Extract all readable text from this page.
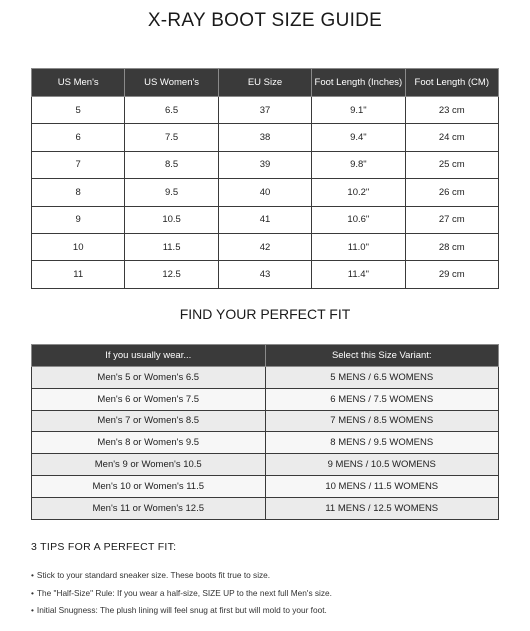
X-RAY BOOT SIZE GUIDE
US Men's	US Women's	EU Size	Foot Length (Inches)	Foot Length (CM)
5	6.5	37	9.1"	23 cm
6	7.5	38	9.4"	24 cm
7	8.5	39	9.8"	25 cm
8	9.5	40	10.2"	26 cm
9	10.5	41	10.6"	27 cm
10	11.5	42	11.0"	28 cm
11	12.5	43	11.4"	29 cm
FIND YOUR PERFECT FIT
If you usually wear...	Select this Size Variant:
Men's 5 or Women's 6.5	5 MENS / 6.5 WOMENS
Men's 6 or Women's 7.5	6 MENS / 7.5 WOMENS
Men's 7 or Women's 8.5	7 MENS / 8.5 WOMENS
Men's 8 or Women's 9.5	8 MENS / 9.5 WOMENS
Men's 9 or Women's 10.5	9 MENS / 10.5 WOMENS
Men's 10 or Women's 11.5	10 MENS / 11.5 WOMENS
Men's 11 or Women's 12.5	11 MENS / 12.5 WOMENS
3 TIPS FOR A PERFECT FIT:
• Stick to your standard sneaker size. These boots fit true to size.
• The "Half-Size" Rule: If you wear a half-size, SIZE UP to the next full Men's size.
• Initial Snugness: The plush lining will feel snug at first but will mold to your foot.
